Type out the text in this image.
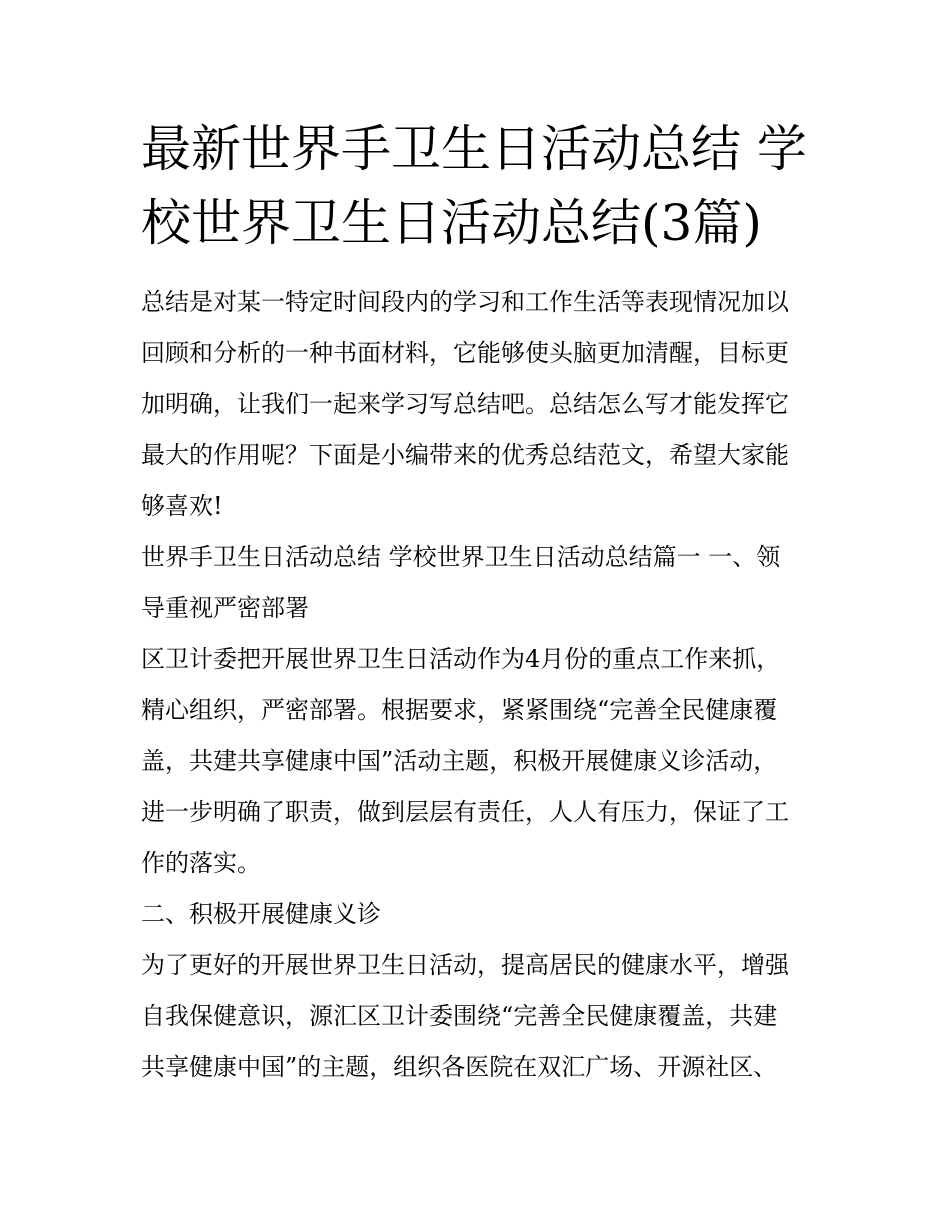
最新世界手卫生日活动总结 学
校世界卫生日活动总结(3篇)
总结是对某一特定时间段内的学习和工作生活等表现情况加以
回顾和分析的一种书面材料，它能够使头脑更加清醒，目标更
加明确，让我们一起来学习写总结吧。总结怎么写才能发挥它
最大的作用呢？下面是小编带来的优秀总结范文，希望大家能
够喜欢!
世界手卫生日活动总结 学校世界卫生日活动总结篇一 一、领
导重视严密部署
区卫计委把开展世界卫生日活动作为4月份的重点工作来抓，
精心组织，严密部署。根据要求，紧紧围绕“完善全民健康覆
盖，共建共享健康中国”活动主题，积极开展健康义诊活动，
进一步明确了职责，做到层层有责任，人人有压力，保证了工
作的落实。
二、积极开展健康义诊
为了更好的开展世界卫生日活动，提高居民的健康水平，增强
自我保健意识，源汇区卫计委围绕“完善全民健康覆盖，共建
共享健康中国”的主题，组织各医院在双汇广场、开源社区、
